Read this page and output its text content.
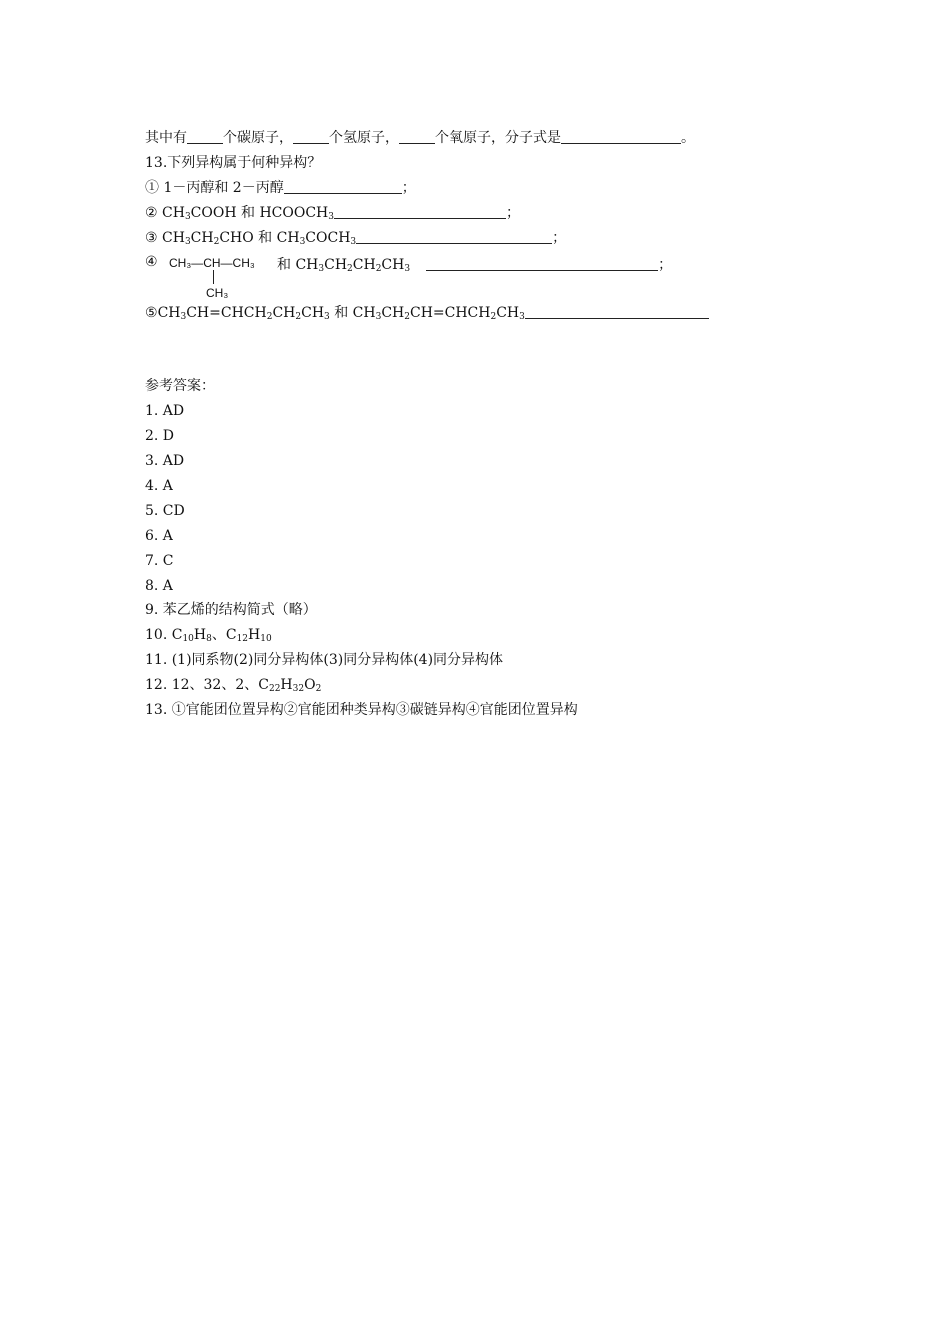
其中有	个碳原子，	个氢原子，	个氧原子，分子式是	。
13.下列异构属于何种异构？
① 1－丙醇和 2－丙醇	；
② $CH_3COOH$ 和 $HCOOCH_3$	；
③ $CH_3CH_2CHO$ 和 $CH_3COCH_3$	；
④ CH₃—CH—CH₃
CH₃
和 $CH_3CH_2CH_2CH_3$	；
$⑤CH_3CH=CHCH_2CH_2CH_3$ 和 $CH_3CH_2CH=CHCH_2CH_3$
参考答案：
1. AD
2. D
3. AD
4. A
5. CD
6. A
7. C
8. A
9. 苯乙烯的结构简式（略）
10. $C_{10}H_8$、$C_{12}H_{10}$
11. (1)同系物(2)同分异构体(3)同分异构体(4)同分异构体
12. 12、32、2、$C_{22}H_{32}O_2$
13. ①官能团位置异构②官能团种类异构③碳链异构④官能团位置异构
